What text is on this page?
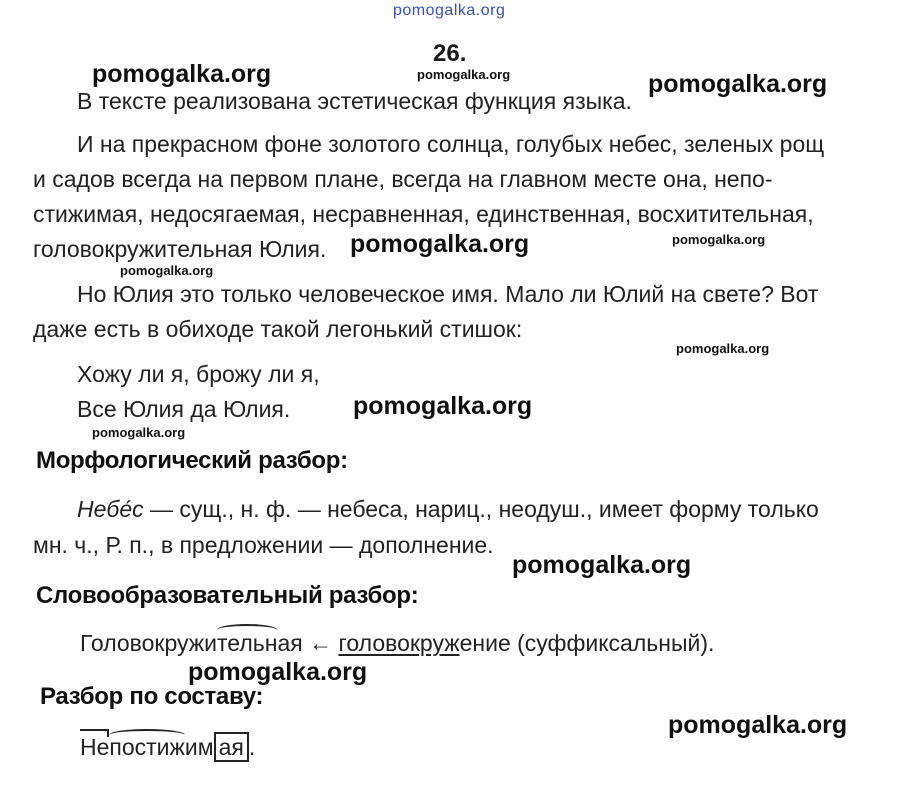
pomogalka.org
26.
pomogalka.org	pomogalka.org	pomogalka.org
В тексте реализована эстетическая функция языка.
И на прекрасном фоне золотого солнца, голубых небес, зеленых рощ
и садов всегда на первом плане, всегда на главном месте она, непо-
стижимая, недосягаемая, несравненная, единственная, восхитительная,
головокружительная Юлия. pomogalka.org	pomogalka.org
pomogalka.org
Но Юлия это только человеческое имя. Мало ли Юлий на свете? Вот
даже есть в обиходе такой легонький стишок:
pomogalka.org
Хожу ли я, брожу ли я,
Все Юлия да Юлия.	pomogalka.org
pomogalka.org
Морфологический разбор:
Небе́с — сущ., н. ф. — небеса, нариц., неодуш., имеет форму только
мн. ч., Р. п., в предложении — дополнение.
pomogalka.org
Словообразовательный разбор:
Головокружительная ← головокружение (суффиксальный).
pomogalka.org
Разбор по составу:
pomogalka.org
Непостижим ая .
